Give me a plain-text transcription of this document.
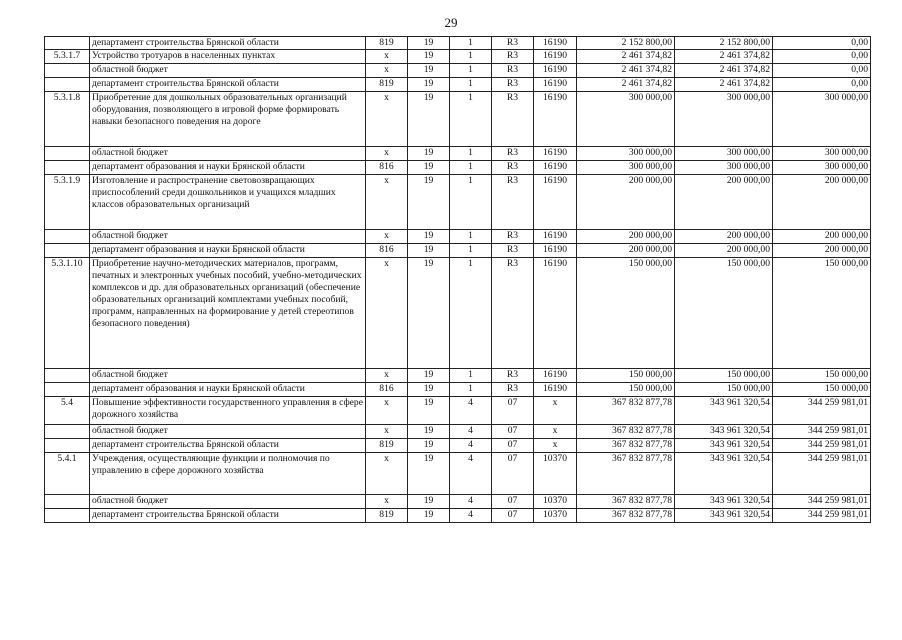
29
	департамент строительства Брянской области	819	19	1	R3	16190	2 152 800,00	2 152 800,00	0,00
5.3.1.7	Устройство тротуаров в населенных пунктах	х	19	1	R3	16190	2 461 374,82	2 461 374,82	0,00
	областной бюджет	х	19	1	R3	16190	2 461 374,82	2 461 374,82	0,00
	департамент строительства Брянской области	819	19	1	R3	16190	2 461 374,82	2 461 374,82	0,00
5.3.1.8	Приобретение для дошкольных образовательных организаций оборудования, позволяющего в игровой форме формировать навыки безопасного поведения на дороге	х	19	1	R3	16190	300 000,00	300 000,00	300 000,00
	областной бюджет	х	19	1	R3	16190	300 000,00	300 000,00	300 000,00
	департамент образования и науки Брянской области	816	19	1	R3	16190	300 000,00	300 000,00	300 000,00
5.3.1.9	Изготовление и распространение световозвращающих приспособлений среди дошкольников и учащихся младших классов образовательных организаций	х	19	1	R3	16190	200 000,00	200 000,00	200 000,00
	областной бюджет	х	19	1	R3	16190	200 000,00	200 000,00	200 000,00
	департамент образования и науки Брянской области	816	19	1	R3	16190	200 000,00	200 000,00	200 000,00
5.3.1.10	Приобретение научно-методических материалов, программ, печатных и электронных учебных пособий, учебно-методических комплексов и др. для образовательных организаций (обеспечение образовательных организаций комплектами учебных пособий, программ, направленных на формирование у детей стереотипов безопасного поведения)	х	19	1	R3	16190	150 000,00	150 000,00	150 000,00
	областной бюджет	х	19	1	R3	16190	150 000,00	150 000,00	150 000,00
	департамент образования и науки Брянской области	816	19	1	R3	16190	150 000,00	150 000,00	150 000,00
5.4	Повышение эффективности государственного управления в сфере дорожного хозяйства	х	19	4	07	х	367 832 877,78	343 961 320,54	344 259 981,01
	областной бюджет	х	19	4	07	х	367 832 877,78	343 961 320,54	344 259 981,01
	департамент строительства Брянской области	819	19	4	07	х	367 832 877,78	343 961 320,54	344 259 981,01
5.4.1	Учреждения, осуществляющие функции и полномочия по управлению в сфере дорожного хозяйства	х	19	4	07	10370	367 832 877,78	343 961 320,54	344 259 981,01
	областной бюджет	х	19	4	07	10370	367 832 877,78	343 961 320,54	344 259 981,01
	департамент строительства Брянской области	819	19	4	07	10370	367 832 877,78	343 961 320,54	344 259 981,01
